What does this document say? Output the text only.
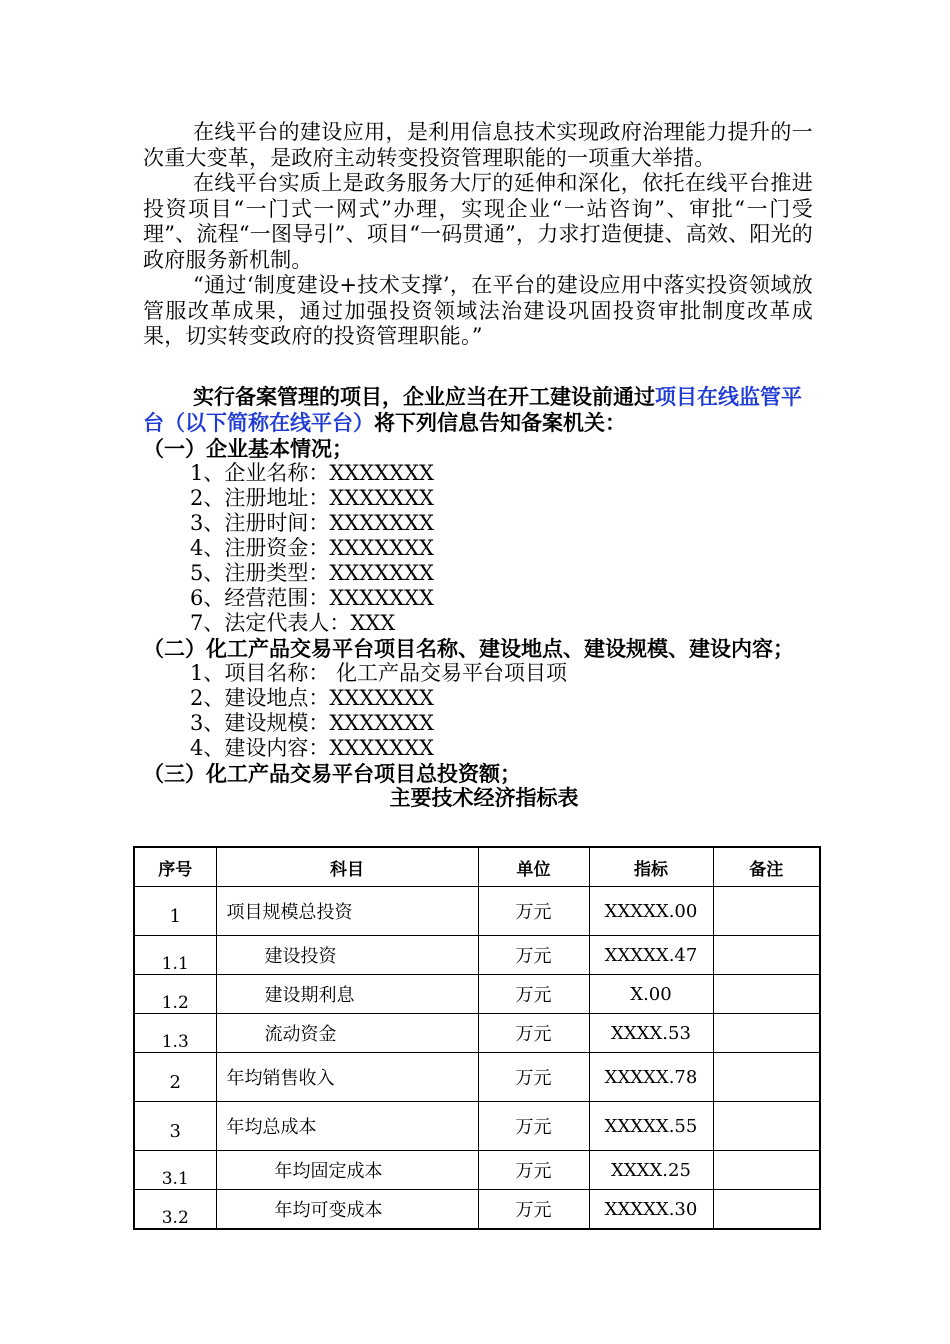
在线平台的建设应用，是利用信息技术实现政府治理能力提升的一次重大变革，是政府主动转变投资管理职能的一项重大举措。

在线平台实质上是政务服务大厅的延伸和深化，依托在线平台推进投资项目“一门式一网式”办理，实现企业“一站咨询”、审批“一门受理”、流程“一图导引”、项目“一码贯通”，力求打造便捷、高效、阳光的政府服务新机制。

“通过‘制度建设+技术支撑’，在平台的建设应用中落实投资领域放管服改革成果，通过加强投资领域法治建设巩固投资审批制度改革成果，切实转变政府的投资管理职能。”

实行备案管理的项目，企业应当在开工建设前通过项目在线监管平台（以下简称在线平台）将下列信息告知备案机关：

（一）企业基本情况；

1、企业名称：XXXXXXX

2、注册地址：XXXXXXX

3、注册时间：XXXXXXX

4、注册资金：XXXXXXX

5、注册类型：XXXXXXX

6、经营范围：XXXXXXX

7、法定代表人：XXX

（二）化工产品交易平台项目名称、建设地点、建设规模、建设内容；

1、项目名称： 化工产品交易平台项目项

2、建设地点：XXXXXXX

3、建设规模：XXXXXXX

4、建设内容：XXXXXXX

（三）化工产品交易平台项目总投资额；

主要技术经济指标表

序号	科目	单位	指标	备注
1	项目规模总投资	万元	XXXXX.00	
1.1	建设投资	万元	XXXXX.47	
1.2	建设期利息	万元	X.00	
1.3	流动资金	万元	XXXX.53	
2	年均销售收入	万元	XXXXX.78	
3	年均总成本	万元	XXXXX.55	
3.1	年均固定成本	万元	XXXX.25	
3.2	年均可变成本	万元	XXXXX.30	
